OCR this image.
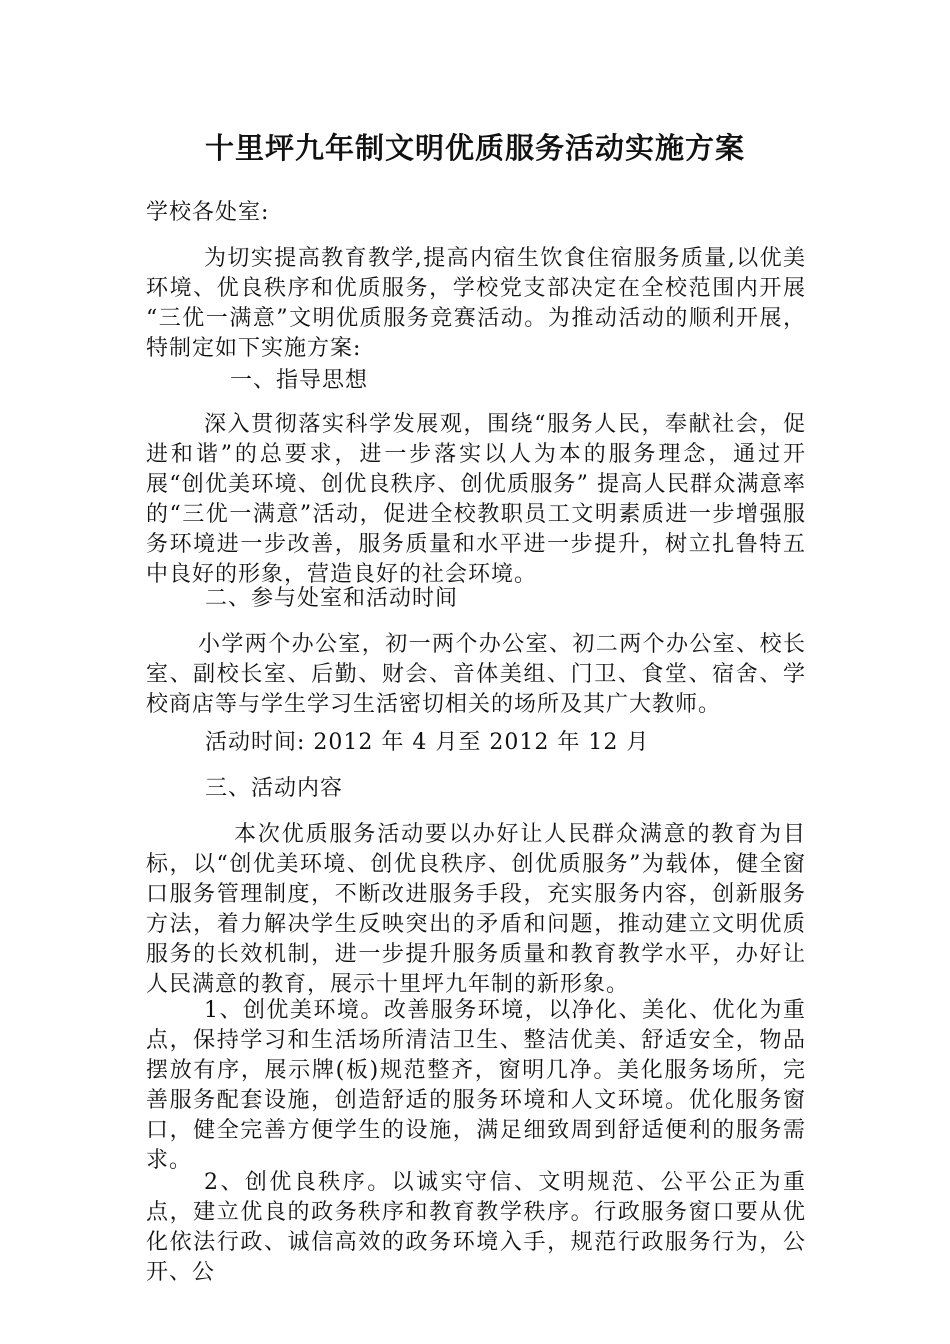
十里坪九年制文明优质服务活动实施方案

学校各处室:

为切实提高教育教学,提高内宿生饮食住宿服务质量,以优美环境、优良秩序和优质服务，学校党支部决定在全校范围内开展 “三优一满意”文明优质服务竞赛活动。为推动活动的顺利开展，特制定如下实施方案:

一、指导思想

深入贯彻落实科学发展观，围绕“服务人民，奉献社会，促进和谐”的总要求，进一步落实以人为本的服务理念，通过开展“创优美环境、创优良秩序、创优质服务” 提高人民群众满意率的“三优一满意”活动，促进全校教职员工文明素质进一步增强服务环境进一步改善，服务质量和水平进一步提升，树立扎鲁特五中良好的形象，营造良好的社会环境。

二、参与处室和活动时间

小学两个办公室，初一两个办公室、初二两个办公室、校长室、副校长室、后勤、财会、音体美组、门卫、食堂、宿舍、学校商店等与学生学习生活密切相关的场所及其广大教师。

活动时间: 2012 年 4 月至 2012 年 12 月

三、活动内容

本次优质服务活动要以办好让人民群众满意的教育为目标，以“创优美环境、创优良秩序、创优质服务”为载体，健全窗口服务管理制度，不断改进服务手段，充实服务内容，创新服务方法，着力解决学生反映突出的矛盾和问题，推动建立文明优质服务的长效机制，进一步提升服务质量和教育教学水平，办好让人民满意的教育，展示十里坪九年制的新形象。

1、创优美环境。改善服务环境，以净化、美化、优化为重点，保持学习和生活场所清洁卫生、整洁优美、舒适安全，物品摆放有序，展示牌(板)规范整齐，窗明几净。美化服务场所，完善服务配套设施，创造舒适的服务环境和人文环境。优化服务窗口，健全完善方便学生的设施，满足细致周到舒适便利的服务需求。

2、创优良秩序。以诚实守信、文明规范、公平公正为重点，建立优良的政务秩序和教育教学秩序。行政服务窗口要从优化依法行政、诚信高效的政务环境入手，规范行政服务行为，公开、公
